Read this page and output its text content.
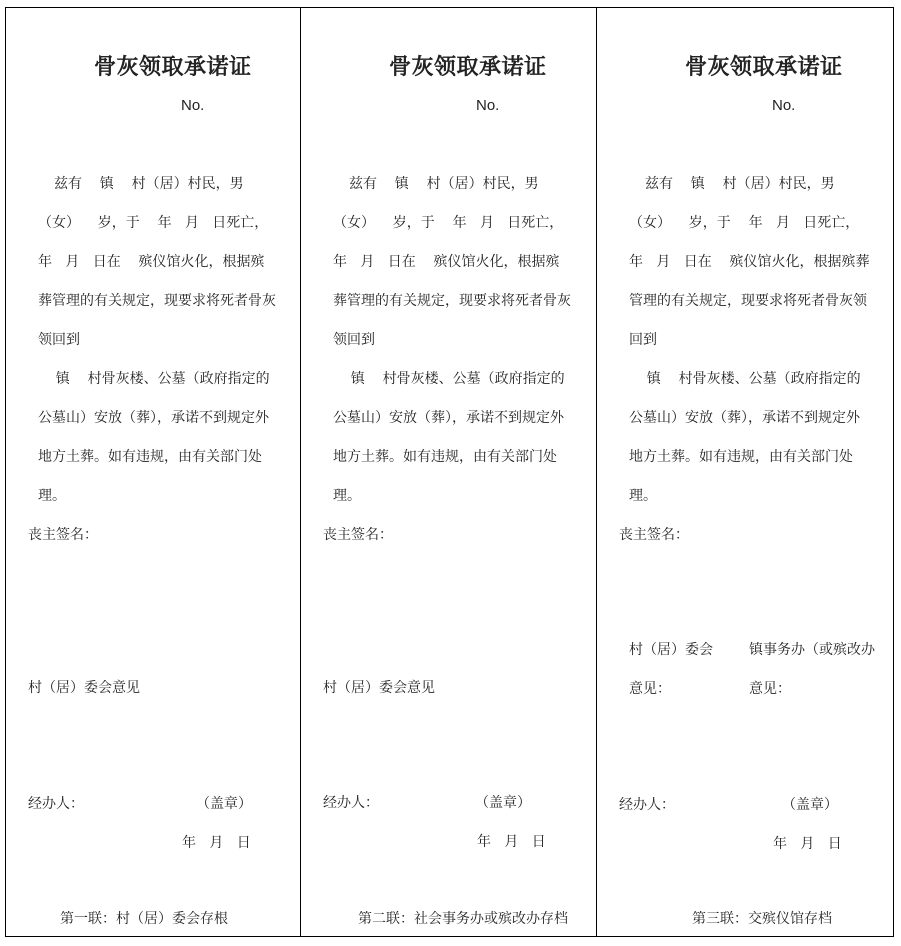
骨灰领取承诺证
No.
兹有    镇    村（居）村民，男
（女）    岁，于    年   月   日死亡，
年   月   日在    殡仪馆火化，根据殡
葬管理的有关规定，现要求将死者骨灰
领回到
镇    村骨灰楼、公墓（政府指定的
公墓山）安放（葬），承诺不到规定外
地方土葬。如有违规，由有关部门处
理。
丧主签名：
村（居）委会意见
经办人：	（盖章）
年   月   日
第一联：村（居）委会存根
骨灰领取承诺证
No.
兹有    镇    村（居）村民，男
（女）    岁，于    年   月   日死亡，
年   月   日在    殡仪馆火化，根据殡
葬管理的有关规定，现要求将死者骨灰
领回到
镇    村骨灰楼、公墓（政府指定的
公墓山）安放（葬），承诺不到规定外
地方土葬。如有违规，由有关部门处
理。
丧主签名：
村（居）委会意见
经办人：	（盖章）
年   月   日
第二联：社会事务办或殡改办存档
骨灰领取承诺证
No.
兹有    镇    村（居）村民，男
（女）    岁，于    年   月   日死亡，
年   月   日在    殡仪馆火化，根据殡葬
管理的有关规定，现要求将死者骨灰领
回到
镇    村骨灰楼、公墓（政府指定的
公墓山）安放（葬），承诺不到规定外
地方土葬。如有违规，由有关部门处
理。
丧主签名：
村（居）委会
意见：
镇事务办（或殡改办
意见：
经办人：	（盖章）
年   月   日
第三联：交殡仪馆存档
